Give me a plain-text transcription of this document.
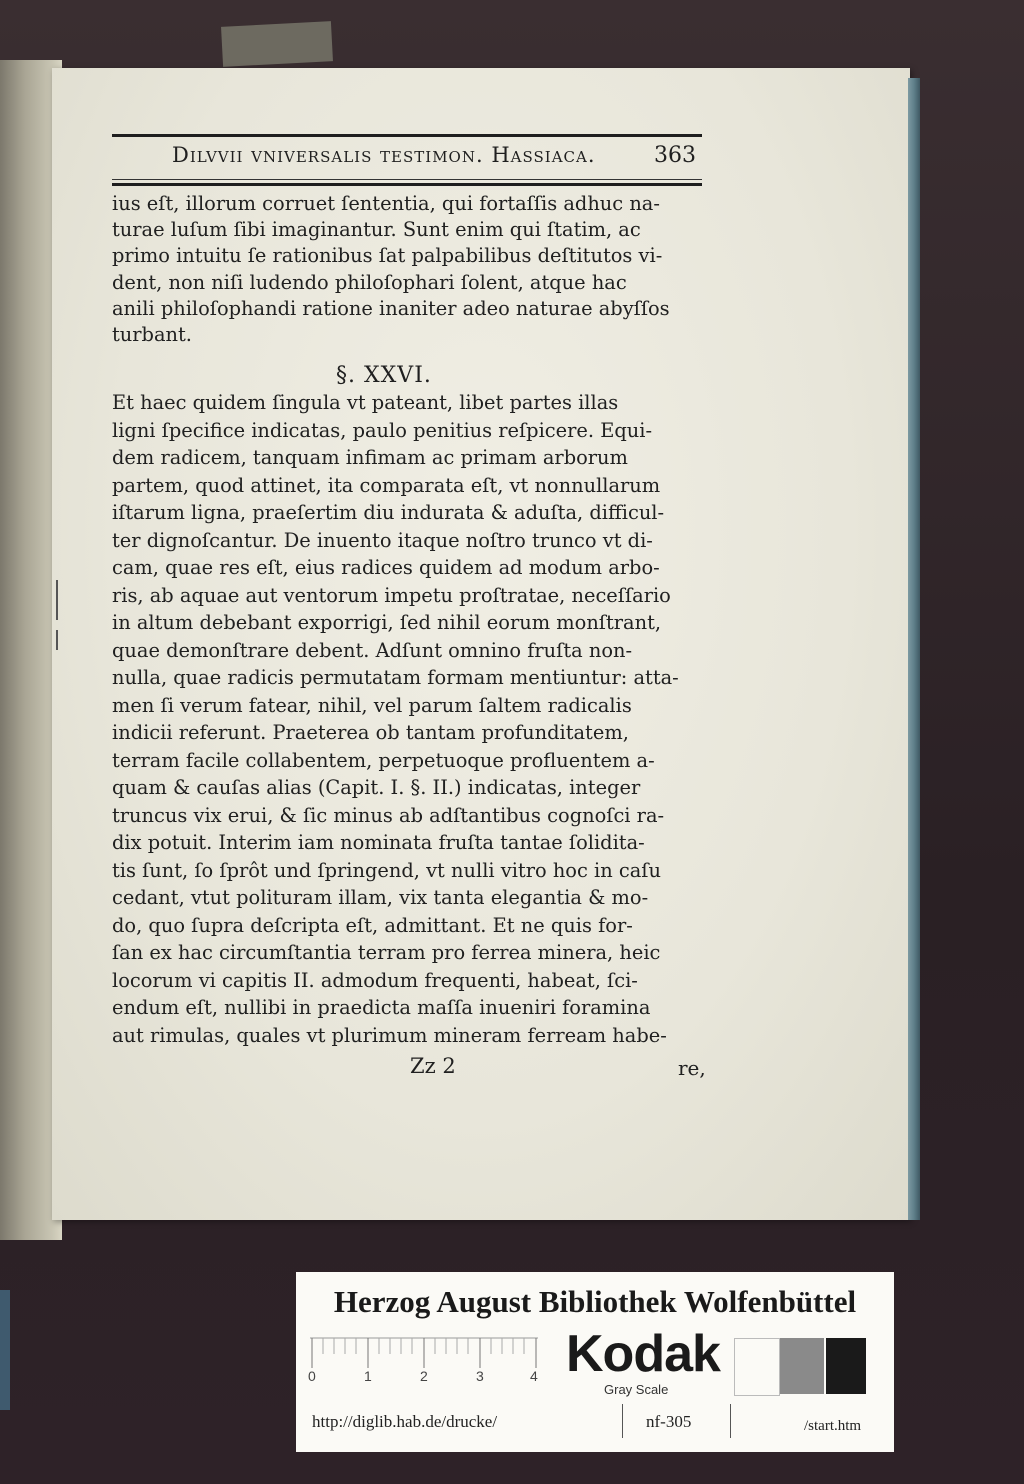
Dilvvii vniversalis testimon. Hassiaca.	363
ius eſt, illorum corruet ſententia, qui fortaſſis adhuc na-
turae luſum ſibi imaginantur. Sunt enim qui ſtatim, ac
primo intuitu ſe rationibus ſat palpabilibus deſtitutos vi-
dent, non niſi ludendo philoſophari ſolent, atque hac
anili philoſophandi ratione inaniter adeo naturae abyſſos
turbant.
§. XXVI.
Et haec quidem ſingula vt pateant, libet partes illas
ligni ſpecifice indicatas, paulo penitius reſpicere. Equi-
dem radicem, tanquam infimam ac primam arborum
partem, quod attinet, ita comparata eſt, vt nonnullarum
iſtarum ligna, praeſertim diu indurata & aduſta, difficul-
ter dignoſcantur. De inuento itaque noſtro trunco vt di-
cam, quae res eſt, eius radices quidem ad modum arbo-
ris, ab aquae aut ventorum impetu proſtratae, neceſſario
in altum debebant exporrigi, ſed nihil eorum monſtrant,
quae demonſtrare debent. Adſunt omnino fruſta non-
nulla, quae radicis permutatam formam mentiuntur: atta-
men ſi verum fatear, nihil, vel parum ſaltem radicalis
indicii referunt. Praeterea ob tantam profunditatem,
terram facile collabentem, perpetuoque profluentem a-
quam & cauſas alias (Capit. I. §. II.) indicatas, integer
truncus vix erui, & ſic minus ab adſtantibus cognoſci ra-
dix potuit. Interim iam nominata fruſta tantae ſolidita-
tis ſunt, ſo ſprôt und ſpringend, vt nulli vitro hoc in caſu
cedant, vtut polituram illam, vix tanta elegantia & mo-
do, quo ſupra deſcripta eſt, admittant. Et ne quis for-
ſan ex hac circumſtantia terram pro ferrea minera, heic
locorum vi capitis II. admodum frequenti, habeat, ſci-
endum eſt, nullibi in praedicta maſſa inueniri foramina
aut rimulas, quales vt plurimum mineram ferream habe-
Zz 2	re,
Herzog August Bibliothek Wolfenbüttel
0	1	2	3	4 Kodak
Gray Scale
http://diglib.hab.de/drucke/	nf-305	/start.htm
